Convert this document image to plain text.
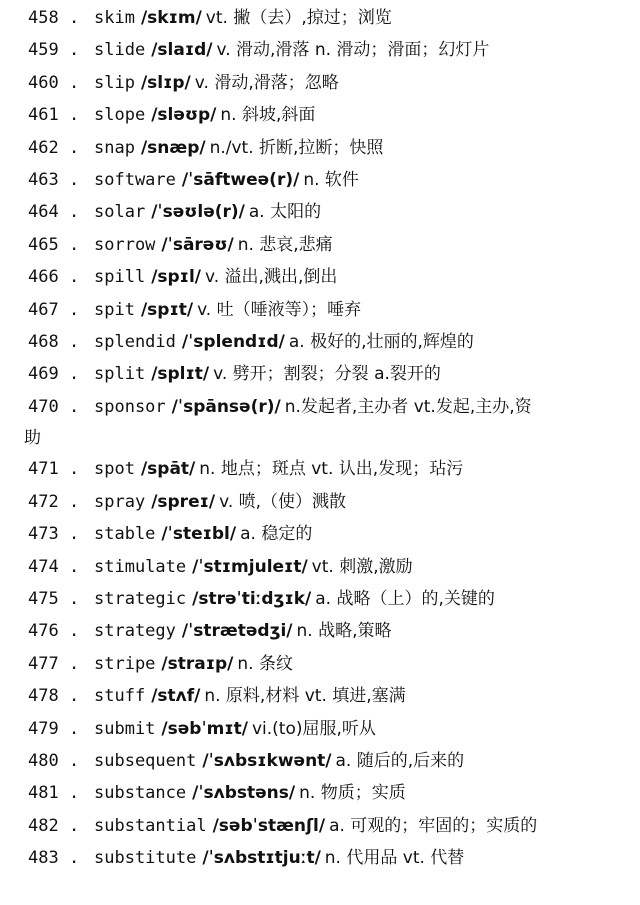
458 . skim /skɪm/ vt. 撇（去）,掠过；浏览
459 . slide /slaɪd/ v. 滑动,滑落 n. 滑动；滑面；幻灯片
460 . slip /slɪp/ v. 滑动,滑落；忽略
461 . slope /sləʊp/ n. 斜坡,斜面
462 . snap /snæp/ n./vt. 折断,拉断；快照
463 . software /ˈsāftweə(r)/ n. 软件
464 . solar /ˈsəʊlə(r)/ a. 太阳的
465 . sorrow /ˈsārəʊ/ n. 悲哀,悲痛
466 . spill /spɪl/ v. 溢出,溅出,倒出
467 . spit /spɪt/ v. 吐（唾液等）；唾弃
468 . splendid /ˈsplendɪd/ a. 极好的,壮丽的,辉煌的
469 . split /splɪt/ v. 劈开；割裂；分裂 a.裂开的
470 . sponsor /ˈspānsə(r)/ n.发起者,主办者 vt.发起,主办,资
助
471 . spot /spāt/ n. 地点；斑点 vt. 认出,发现；玷污
472 . spray /spreɪ/ v. 喷,（使）溅散
473 . stable /ˈsteɪbl/ a. 稳定的
474 . stimulate /ˈstɪmjuleɪt/ vt. 刺激,激励
475 . strategic /strəˈtiːdʒɪk/ a. 战略（上）的,关键的
476 . strategy /ˈstrætədʒi/ n. 战略,策略
477 . stripe /straɪp/ n. 条纹
478 . stuff /stʌf/ n. 原料,材料 vt. 填进,塞满
479 . submit /səbˈmɪt/ vi.(to)屈服,听从
480 . subsequent /ˈsʌbsɪkwənt/ a. 随后的,后来的
481 . substance /ˈsʌbstəns/ n. 物质；实质
482 . substantial /səbˈstænʃl/ a. 可观的；牢固的；实质的
483 . substitute /ˈsʌbstɪtjuːt/ n. 代用品 vt. 代替
